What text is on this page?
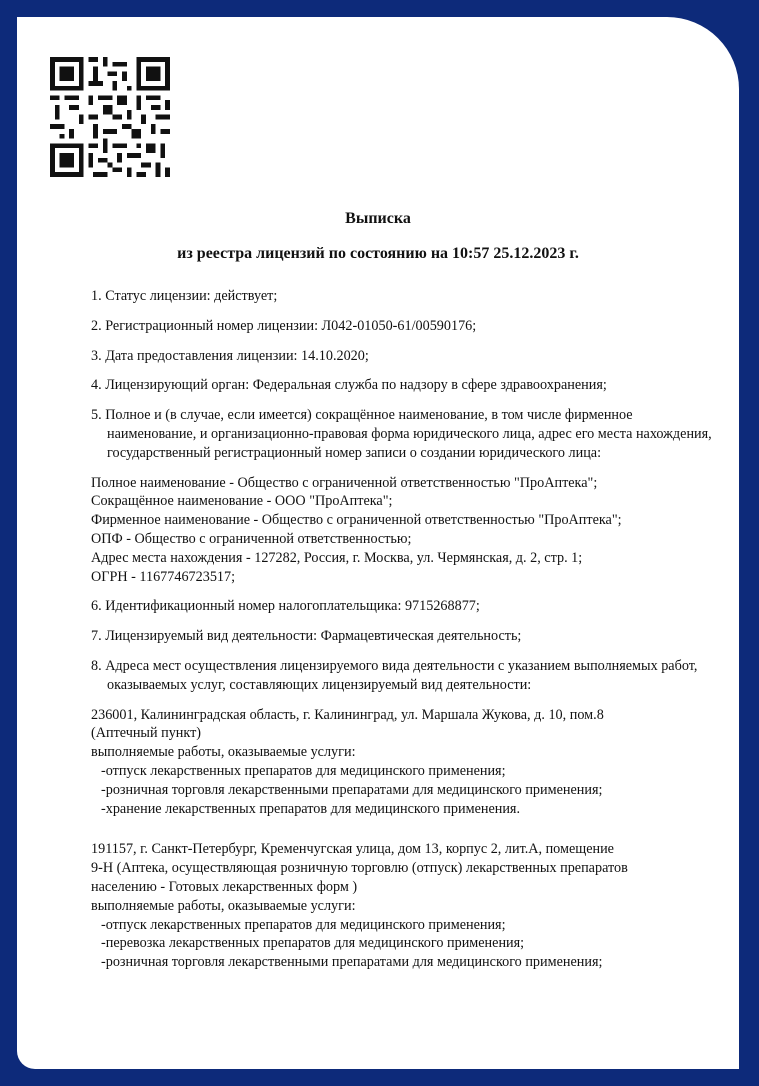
Выписка
из реестра лицензий по состоянию на 10:57 25.12.2023 г.
1. Статус лицензии: действует;
2. Регистрационный номер лицензии: Л042-01050-61/00590176;
3. Дата предоставления лицензии: 14.10.2020;
4. Лицензирующий орган: Федеральная служба по надзору в сфере здравоохранения;
5. Полное и (в случае, если имеется) сокращённое наименование, в том числе фирменное наименование, и организационно-правовая форма юридического лица, адрес его места нахождения, государственный регистрационный номер записи о создании юридического лица:
Полное наименование - Общество с ограниченной ответственностью "ПроАптека";
Сокращённое наименование - ООО "ПроАптека";
Фирменное наименование - Общество с ограниченной ответственностью "ПроАптека";
ОПФ - Общество с ограниченной ответственностью;
Адрес места нахождения - 127282, Россия, г. Москва, ул. Чермянская, д. 2, стр. 1;
ОГРН - 1167746723517;
6. Идентификационный номер налогоплательщика: 9715268877;
7. Лицензируемый вид деятельности: Фармацевтическая деятельность;
8. Адреса мест осуществления лицензируемого вида деятельности с указанием выполняемых работ, оказываемых услуг, составляющих лицензируемый вид деятельности:
236001, Калининградская область, г. Калининград, ул. Маршала Жукова, д. 10, пом.8
(Аптечный пункт)
выполняемые работы, оказываемые услуги:
-отпуск лекарственных препаратов для медицинского применения;
-розничная торговля лекарственными препаратами для медицинского применения;
-хранение лекарственных препаратов для медицинского применения.
191157, г. Санкт-Петербург, Кременчугская улица, дом 13, корпус 2, лит.А, помещение
9-Н (Аптека, осуществляющая розничную торговлю (отпуск) лекарственных препаратов
населению - Готовых лекарственных форм )
выполняемые работы, оказываемые услуги:
-отпуск лекарственных препаратов для медицинского применения;
-перевозка лекарственных препаратов для медицинского применения;
-розничная торговля лекарственными препаратами для медицинского применения;
